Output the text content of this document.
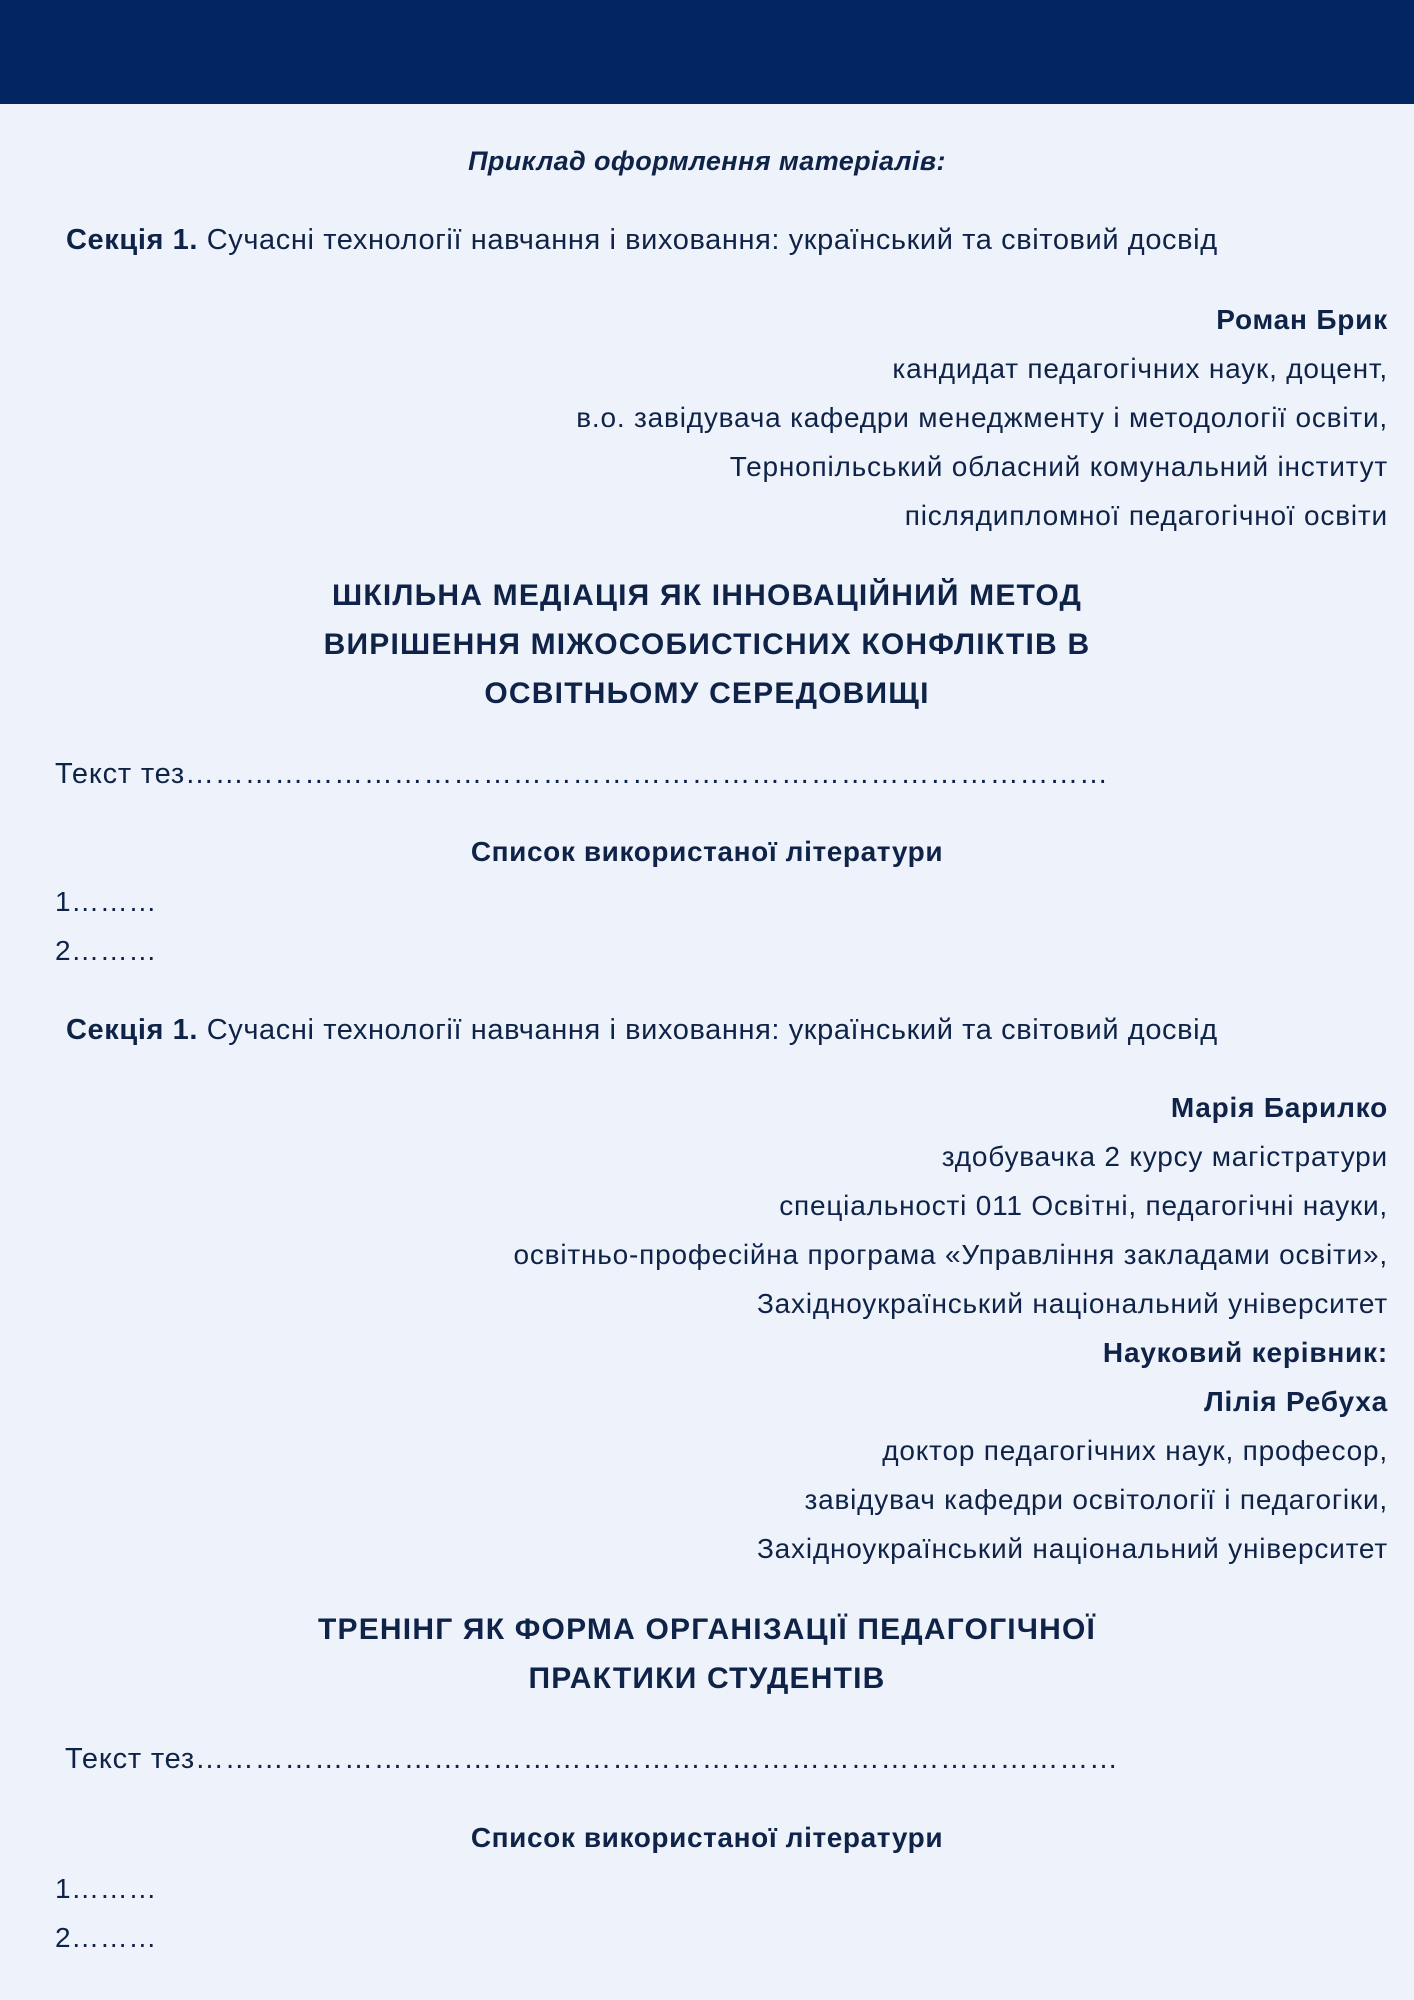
Приклад оформлення матеріалів:
Секція 1. Сучасні технології навчання і виховання: український та світовий досвід
Роман Брик
кандидат педагогічних наук, доцент,
в.о. завідувача кафедри менеджменту і методології освіти,
Тернопільський обласний комунальний інститут
післядипломної педагогічної освіти
ШКІЛЬНА МЕДІАЦІЯ ЯК ІННОВАЦІЙНИЙ МЕТОД
ВИРІШЕННЯ МІЖОСОБИСТІСНИХ КОНФЛІКТІВ В
ОСВІТНЬОМУ СЕРЕДОВИЩІ
Текст тез…………………………………………………………………………………
Список використаної літератури
1………
2………
Секція 1. Сучасні технології навчання і виховання: український та світовий досвід
Марія Барилко
здобувачка 2 курсу магістратури
спеціальності 011 Освітні, педагогічні науки,
освітньо-професійна програма «Управління закладами освіти»,
Західноукраїнський національний університет
Науковий керівник:
Лілія Ребуха
доктор педагогічних наук, професор,
завідувач кафедри освітології і педагогіки,
Західноукраїнський національний університет
ТРЕНІНГ ЯК ФОРМА ОРГАНІЗАЦІЇ ПЕДАГОГІЧНОЇ
ПРАКТИКИ СТУДЕНТІВ
Текст тез…………………………………………………………………………………
Список використаної літератури
1………
2………
